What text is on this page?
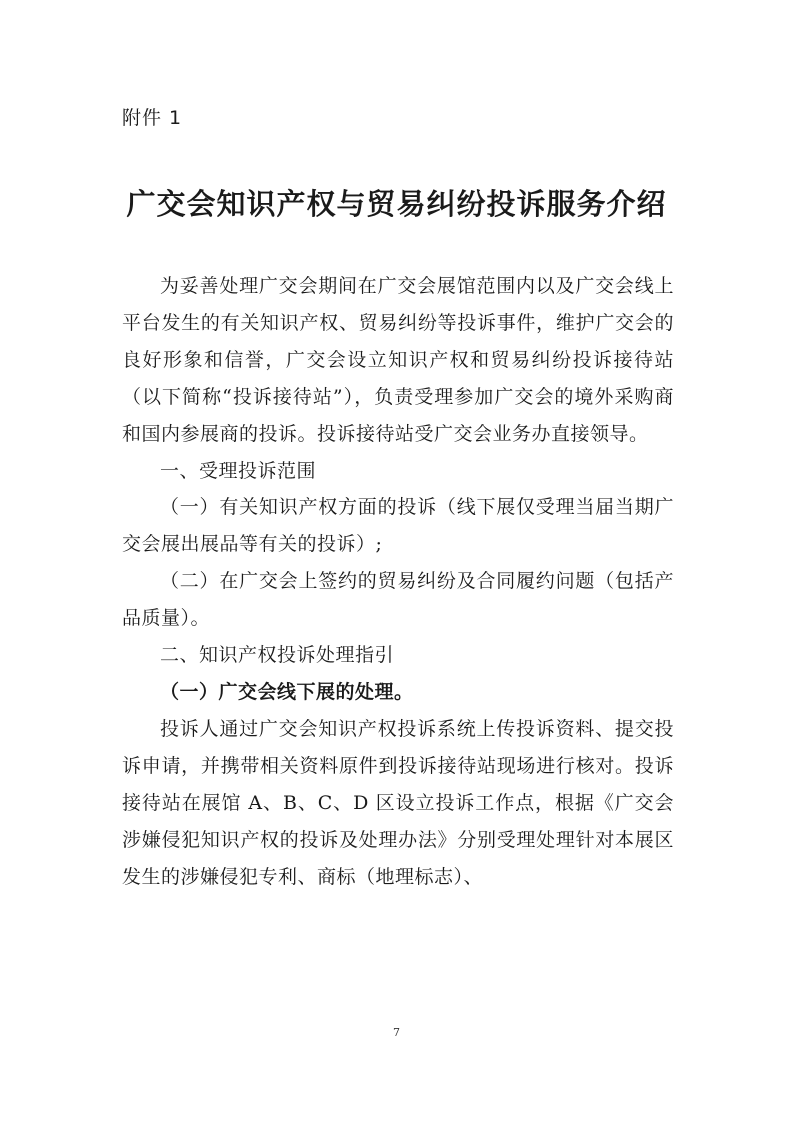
附件 1
广交会知识产权与贸易纠纷投诉服务介绍

为妥善处理广交会期间在广交会展馆范围内以及广交会线上平台发生的有关知识产权、贸易纠纷等投诉事件，维护广交会的良好形象和信誉，广交会设立知识产权和贸易纠纷投诉接待站（以下简称“投诉接待站”），负责受理参加广交会的境外采购商和国内参展商的投诉。投诉接待站受广交会业务办直接领导。

一、受理投诉范围

（一）有关知识产权方面的投诉（线下展仅受理当届当期广交会展出展品等有关的投诉）;

（二）在广交会上签约的贸易纠纷及合同履约问题（包括产品质量）。

二、知识产权投诉处理指引

（一）广交会线下展的处理。

投诉人通过广交会知识产权投诉系统上传投诉资料、提交投诉申请，并携带相关资料原件到投诉接待站现场进行核对。投诉接待站在展馆 A、B、C、D 区设立投诉工作点，根据《广交会涉嫌侵犯知识产权的投诉及处理办法》分别受理处理针对本展区发生的涉嫌侵犯专利、商标（地理标志）、

7
